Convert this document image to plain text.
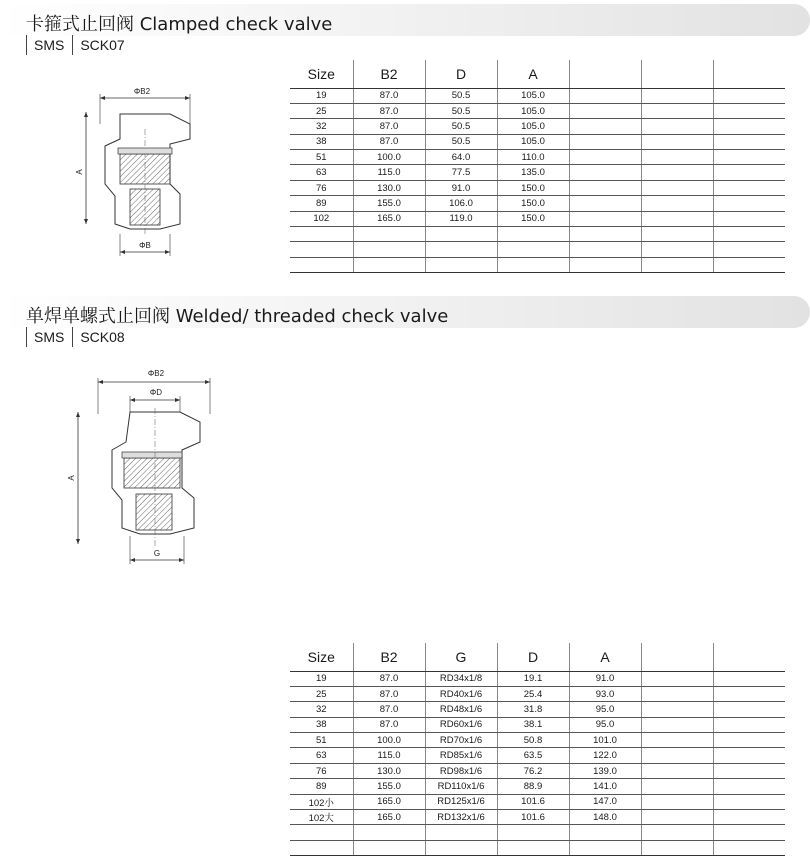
卡箍式止回阀 Clamped check valve
SMS	SCK07
ΦB2
A
ΦB
Size	B2	D	A			
19	87.0	50.5	105.0			
25	87.0	50.5	105.0			
32	87.0	50.5	105.0			
38	87.0	50.5	105.0			
51	100.0	64.0	110.0			
63	115.0	77.5	135.0			
76	130.0	91.0	150.0			
89	155.0	106.0	150.0			
102	165.0	119.0	150.0			

单焊单螺式止回阀 Welded/ threaded check valve
SMS	SCK08
ΦB2
ΦD
A
G
Size	B2	G	D	A		
19	87.0	RD34x1/8	19.1	91.0		
25	87.0	RD40x1/6	25.4	93.0		
32	87.0	RD48x1/6	31.8	95.0		
38	87.0	RD60x1/6	38.1	95.0		
51	100.0	RD70x1/6	50.8	101.0		
63	115.0	RD85x1/6	63.5	122.0		
76	130.0	RD98x1/6	76.2	139.0		
89	155.0	RD110x1/6	88.9	141.0		
102小	165.0	RD125x1/6	101.6	147.0		
102大	165.0	RD132x1/6	101.6	148.0		
